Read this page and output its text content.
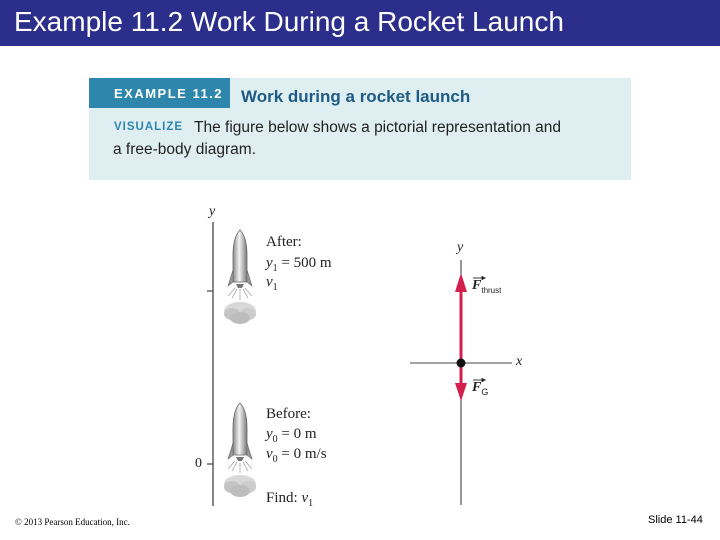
Example 11.2 Work During a Rocket Launch
EXAMPLE 11.2 Work during a rocket launch
VISUALIZE The figure below shows a pictorial representation and
a free-body diagram.
y
0
After:
$y_1 = 500$ m
$v_1$
Before:
$y_0 = 0$ m
$v_0 = 0$ m/s
Find: $v_1$
y
x
$F_{thrust}$
$F_G$
© 2013 Pearson Education, Inc.	Slide 11-44
